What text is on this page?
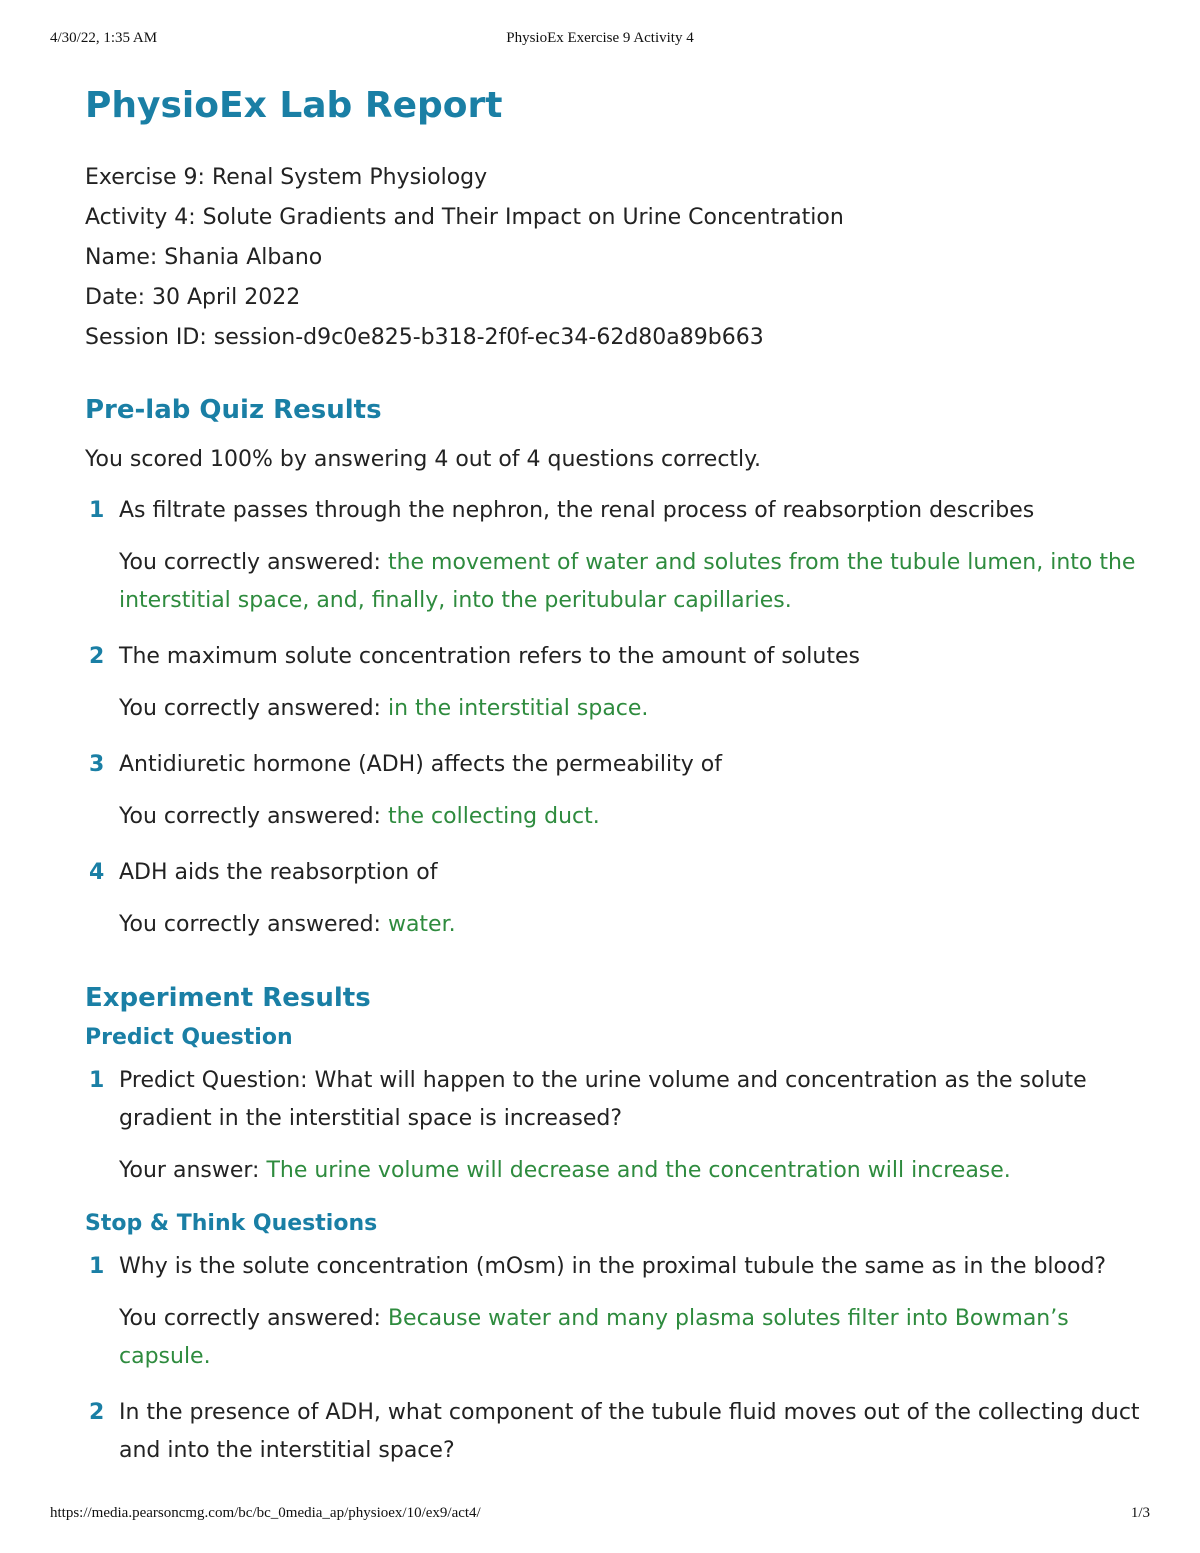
4/30/22, 1:35 AM	PhysioEx Exercise 9 Activity 4
PhysioEx Lab Report
Exercise 9: Renal System Physiology
Activity 4: Solute Gradients and Their Impact on Urine Concentration
Name: Shania Albano
Date: 30 April 2022
Session ID: session-d9c0e825-b318-2f0f-ec34-62d80a89b663
Pre-lab Quiz Results
You scored 100% by answering 4 out of 4 questions correctly.
1 As filtrate passes through the nephron, the renal process of reabsorption describes
You correctly answered: the movement of water and solutes from the tubule lumen, into the interstitial space, and, finally, into the peritubular capillaries.
2 The maximum solute concentration refers to the amount of solutes
You correctly answered: in the interstitial space.
3 Antidiuretic hormone (ADH) affects the permeability of
You correctly answered: the collecting duct.
4 ADH aids the reabsorption of
You correctly answered: water.
Experiment Results
Predict Question
1 Predict Question: What will happen to the urine volume and concentration as the solute gradient in the interstitial space is increased?
Your answer: The urine volume will decrease and the concentration will increase.
Stop & Think Questions
1 Why is the solute concentration (mOsm) in the proximal tubule the same as in the blood?
You correctly answered: Because water and many plasma solutes filter into Bowman’s capsule.
2 In the presence of ADH, what component of the tubule fluid moves out of the collecting duct and into the interstitial space?
https://media.pearsoncmg.com/bc/bc_0media_ap/physioex/10/ex9/act4/	1/3
